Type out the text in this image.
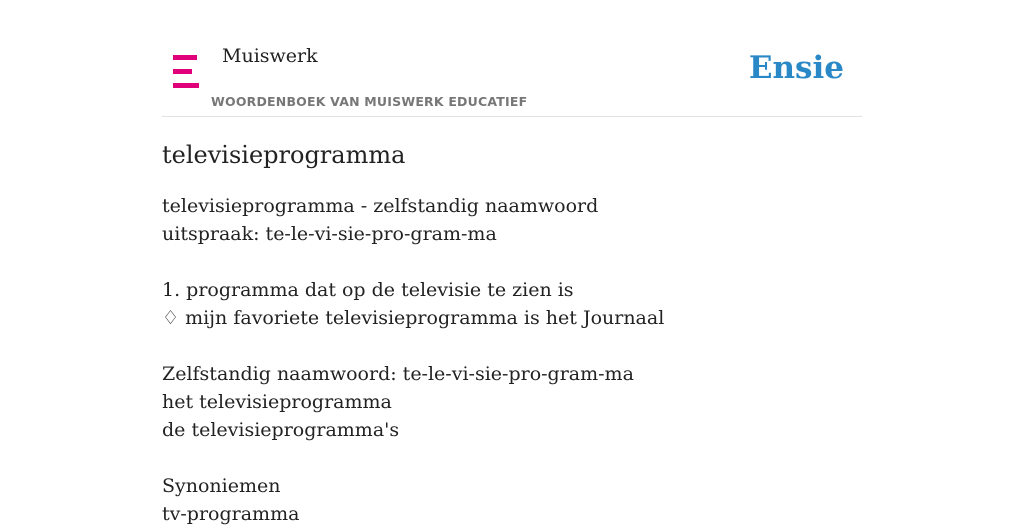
Muiswerk
WOORDENBOEK VAN MUISWERK EDUCATIEF
Ensie
televisieprogramma
televisieprogramma - zelfstandig naamwoord
uitspraak: te-le-vi-sie-pro-gram-ma
1. programma dat op de televisie te zien is
♢ mijn favoriete televisieprogramma is het Journaal
Zelfstandig naamwoord: te-le-vi-sie-pro-gram-ma
het televisieprogramma
de televisieprogramma's
Synoniemen
tv-programma
